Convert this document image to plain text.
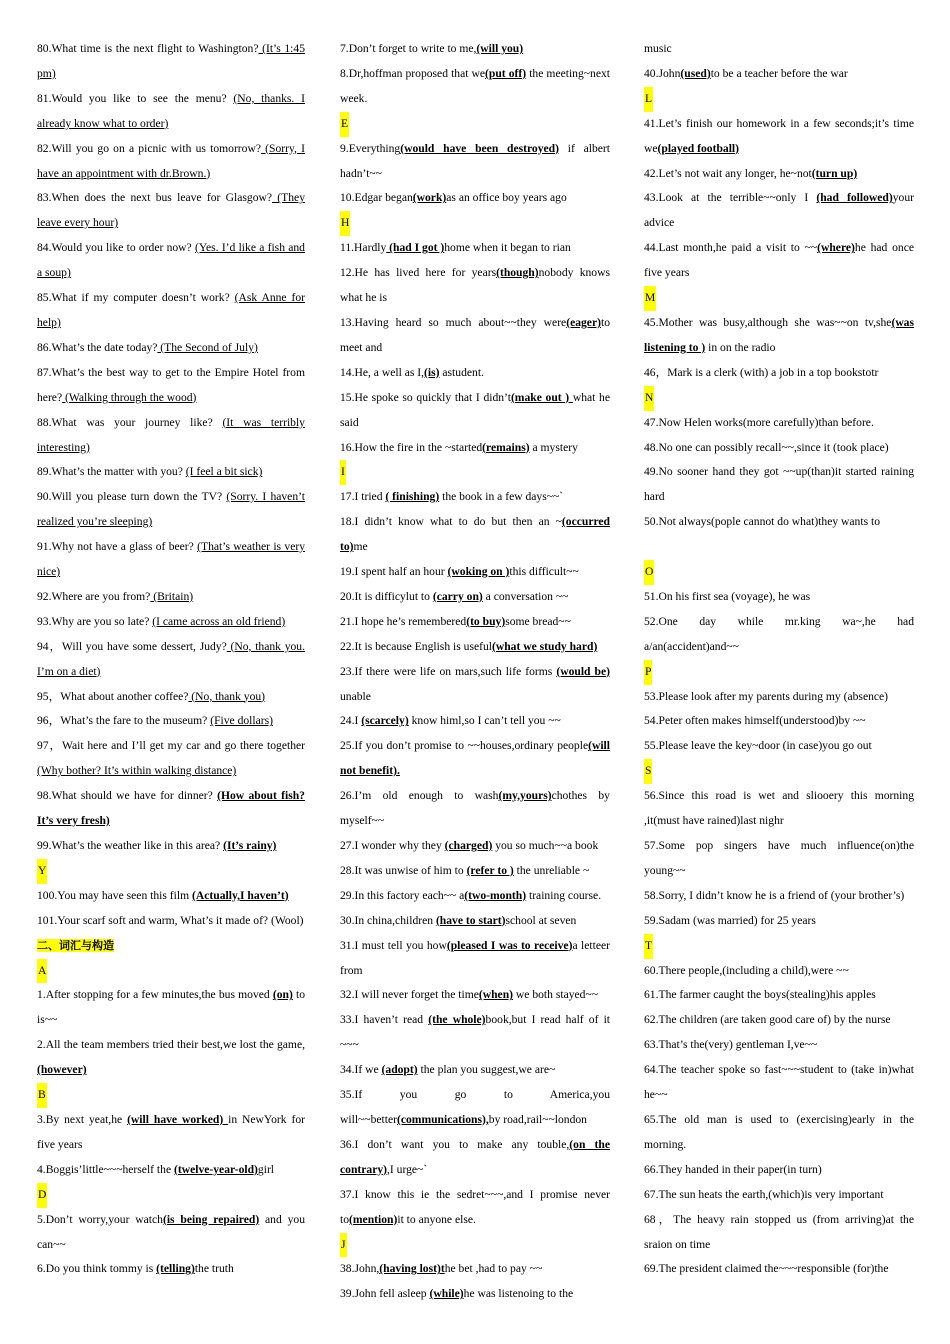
80.What time is the next flight to Washington? (It’s 1:45 pm)

81.Would you like to see the menu? (No, thanks. I already know what to order)

82.Will you go on a picnic with us tomorrow? (Sorry, I have an appointment with dr.Brown.)

83.When does the next bus leave for Glasgow? (They leave every hour)

84.Would you like to order now? (Yes. I’d like a fish and a soup)

85.What if my computer doesn’t work? (Ask Anne for help)

86.What’s the date today? (The Second of July)

87.What’s the best way to get to the Empire Hotel from here? (Walking through the wood)

88.What was your journey like? (It was terribly interesting)

89.What’s the matter with you? (I feel a bit sick)

90.Will you please turn down the TV? (Sorry. I haven’t realized you’re sleeping)

91.Why not have a glass of beer? (That’s weather is very nice)

92.Where are you from? (Britain)

93.Why are you so late? (I came across an old friend)

94，Will you have some dessert, Judy? (No, thank you. I’m on a diet)

95，What about another coffee? (No, thank you)

96，What’s the fare to the museum? (Five dollars)

97，Wait here and I’ll get my car and go there together (Why bother? It’s within walking distance)

98.What should we have for dinner? (How about fish? It’s very fresh)

99.What’s the weather like in this area? (It’s rainy)

Y

100.You may have seen this film (Actually,I haven’t)

101.Your scarf soft and warm, What’s it made of? (Wool)

二、词汇与构造

A

1.After stopping for a few minutes,the bus moved (on) to is~~

2.All the team members tried their best,we lost the game,(however)

B

3.By next yeat,he (will have worked) in NewYork for five years

4.Boggis’little~~~herself the (twelve-year-old)girl

D

5.Don’t worry,your watch(is being repaired) and you can~~

6.Do you think tommy is (telling)the truth

7.Don’t forget to write to me,(will you)

8.Dr,hoffman proposed that we(put off) the meeting~next week.

E

9.Everything(would have been destroyed) if albert hadn’t~~

10.Edgar began(work)as an office boy years ago

H

11.Hardly (had I got )home when it began to rian

12.He has lived here for years(though)nobody knows what he is

13.Having heard so much about~~they were(eager)to meet and

14.He, a well as I,(is) astudent.

15.He spoke so quickly that I didn’t(make out ) what he said

16.How the fire in the ~started(remains) a mystery

I

17.I tried ( finishing) the book in a few days~~`

18.I didn’t know what to do but then an ~(occurred to)me

19.I spent half an hour (woking on )this difficult~~

20.It is difficylut to (carry on) a conversation ~~

21.I hope he’s remembered(to buy)some bread~~

22.It is because English is useful(what we study hard)

23.If there were life on mars,such life forms (would be) unable

24.I (scarcely) know himl,so I can’t tell you ~~

25.If you don’t promise to ~~houses,ordinary people(will not benefit).

26.I’m old enough to wash(my,yours)chothes by myself~~

27.I wonder why they (charged) you so much~~a book

28.It was unwise of him to (refer to ) the unreliable ~

29.In this factory each~~ a(two-month) training course.

30.In china,children (have to start)school at seven

31.I must tell you how(pleased I was to receive)a letteer from

32.I will never forget the time(when) we both stayed~~

33.I haven’t read (the whole)book,but I read half of it ~~~

34.If we (adopt) the plan you suggest,we are~

35.If you go to America,you will~~better(communications),by road,rail~~london

36.I don’t want you to make any touble,(on the contrary),I urge~`

37.I know this ie the sedret~~~,and I promise never to(mention)it to anyone else.

J

38.John,(having lost)the bet ,had to pay ~~

39.John fell asleep (while)he was listenoing to the

music

40.John(used)to be a teacher before the war

L

41.Let’s finish our homework in a few seconds;it’s time we(played football)

42.Let’s not wait any longer, he~not(turn up)

43.Look at the terrible~~only I (had followed)your advice

44.Last month,he paid a visit to ~~(where)he had once five years

M

45.Mother was busy,although she was~~on tv,she(was listening to ) in on the radio

46，Mark is a clerk (with) a job in a top bookstotr

N

47.Now Helen works(more carefully)than before.

48.No one can possibly recall~~,since it (took place)

49.No sooner hand they got ~~up(than)it started raining hard

50.Not always(pople cannot do what)they wants to

O

51.On his first sea (voyage), he was

52.One day while mr.king wa~,he had a/an(accident)and~~

P

53.Please look after my parents during my (absence)

54.Peter often makes himself(understood)by ~~

55.Please leave the key~door (in case)you go out

S

56.Since this road is wet and sliooery this morning ,it(must have rained)last nighr

57.Some pop singers have much influence(on)the young~~

58.Sorry, I didn’t know he is a friend of (your brother’s)

59.Sadam (was married) for 25 years

T

60.There people,(including a child),were ~~

61.The farmer caught the boys(stealing)his apples

62.The children (are taken good care of) by the nurse

63.That’s the(very) gentleman I,ve~~

64.The teacher spoke so fast~~~student to (take in)what he~~

65.The old man is used to (exercising)early in the morning.

66.They handed in their paper(in turn)

67.The sun heats the earth,(which)is very important

68，The heavy rain stopped us (from arriving)at the sraion on time

69.The president claimed the~~~responsible (for)the
